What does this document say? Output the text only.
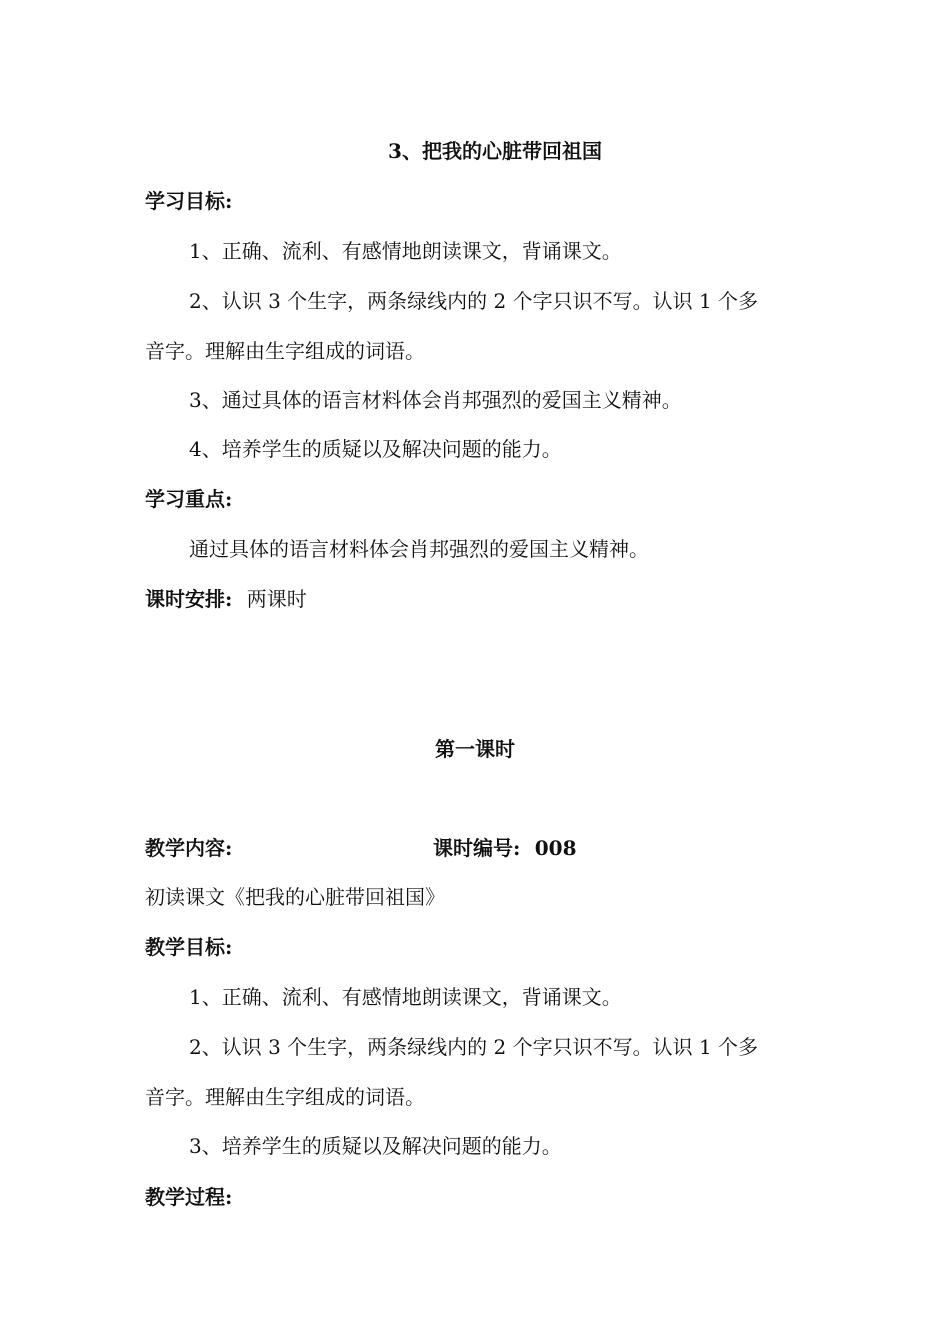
3、把我的心脏带回祖国
学习目标:
1、正确、流利、有感情地朗读课文，背诵课文。
2、认识 3 个生字，两条绿线内的 2 个字只识不写。认识 1 个多
音字。理解由生字组成的词语。
3、通过具体的语言材料体会肖邦强烈的爱国主义精神。
4、培养学生的质疑以及解决问题的能力。
学习重点:
通过具体的语言材料体会肖邦强烈的爱国主义精神。
课时安排: 两课时
第一课时
教学内容:	课时编号: 008
初读课文《把我的心脏带回祖国》
教学目标:
1、正确、流利、有感情地朗读课文，背诵课文。
2、认识 3 个生字，两条绿线内的 2 个字只识不写。认识 1 个多
音字。理解由生字组成的词语。
3、培养学生的质疑以及解决问题的能力。
教学过程:
